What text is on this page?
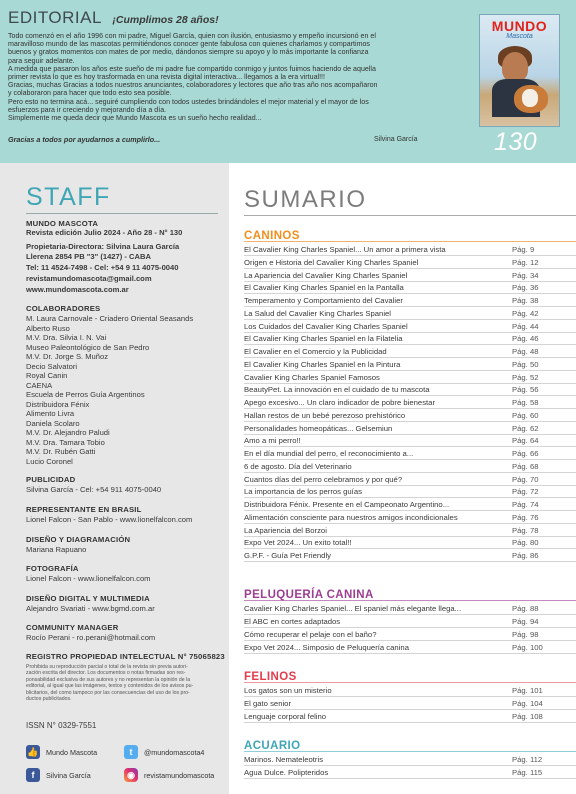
EDITORIAL ¡Cumplimos 28 años!

Todo comenzó en el año 1996 con mi padre, Miguel García, quien con ilusión, entusiasmo y empeño incursionó en el

maravilloso mundo de las mascotas permitiéndonos conocer gente fabulosa con quienes charlamos y compartimos

buenos y gratos momentos con mates de por medio, dándonos siempre su apoyo y lo más importante la confianza

para seguir adelante.

A medida que pasaron los años este sueño de mi padre fue compartido conmigo y juntos fuimos haciendo de aquella

primer revista lo que es hoy trasformada en una revista digital interactiva... llegamos a la era virtual!!!

Gracias, muchas Gracias a todos nuestros anunciantes, colaboradores y lectores que año tras año nos acompañaron

y colaboraron para hacer que todo esto sea posible.

Pero esto no termina acá... seguiré cumpliendo con todos ustedes brindándoles el mejor material y el mayor de los

esfuerzos para ir creciendo y mejorando día a día.

Simplemente me queda decir que Mundo Mascota es un sueño hecho realidad...

Gracias a todos por ayudarnos a cumplirlo...	Silvina García
MUNDO
Mascota
130
STAFF
MUNDO MASCOTA
Revista edición Julio 2024 - Año 28 - N° 130
Propietaria-Directora: Silvina Laura García
Llerena 2854 PB "3" (1427) - CABA
Tel: 11 4524-7498 - Cel: +54 9 11 4075-0040
revistamundomascota@gmail.com
www.mundomascota.com.ar
COLABORADORES
M. Laura Carnovale - Criadero Oriental Seasands
Alberto Ruso
M.V. Dra. Silvia I. N. Vai
Museo Paleontológico de San Pedro
M.V. Dr. Jorge S. Muñoz
Decio Salvatori
Royal Canin
CAENA
Escuela de Perros Guía Argentinos
Distribuidora Fénix
Alimento Livra
Daniela Scolaro
M.V. Dr. Alejandro Paludi
M.V. Dra. Tamara Tobio
M.V. Dr. Rubén Gatti
Lucio Coronel
PUBLICIDAD
Silvina García - Cel: +54 911 4075-0040
REPRESENTANTE EN BRASIL
Lionel Falcon - San Pablo - www.lionelfalcon.com
DISEÑO Y DIAGRAMACIÓN
Mariana Rapuano
FOTOGRAFÍA
Lionel Falcon - www.lionelfalcon.com
DISEÑO DIGITAL Y MULTIMEDIA
Alejandro Svariati - www.bgmd.com.ar
COMMUNITY MANAGER
Rocío Perani - ro.perani@hotmail.com
REGISTRO PROPIEDAD INTELECTUAL N° 75065823
Prohibida su reproducción parcial o total de la revista sin previa autori-
zación escrita del director. Los documentos o notas firmadas son res-
ponsabilidad exclusiva de sus autores y no representan la opinión de la
editorial, al igual que las imágenes, textos y contenidos de los avisos pu-
blicitarios, del como tampoco por las consecuencias del uso de los pro-
ductos publicitados.
ISSN N° 0329-7551
👍 Mundo Mascota	t	@mundomascota4
f	Silvina García	◉	revistamundomascota
SUMARIO
CANINOS
El Cavalier King Charles Spaniel... Un amor a primera vista	Pág. 9
Origen e Historia del Cavalier King Charles Spaniel	Pág. 12
La Apariencia del Cavalier King Charles Spaniel	Pág. 34
El Cavalier King Charles Spaniel en la Pantalla	Pág. 36
Temperamento y Comportamiento del Cavalier	Pág. 38
La Salud del Cavalier King Charles Spaniel	Pág. 42
Los Cuidados del Cavalier King Charles Spaniel	Pág. 44
El Cavalier King Charles Spaniel en la Filatelia	Pág. 46
El Cavalier en el Comercio y la Publicidad	Pág. 48
El Cavalier King Charles Spaniel en la Pintura	Pág. 50
Cavalier King Charles Spaniel Famosos	Pág. 52
BeautyPet. La innovación en el cuidado de tu mascota	Pág. 56
Apego excesivo... Un claro indicador de pobre bienestar	Pág. 58
Hallan restos de un bebé perezoso prehistórico	Pág. 60
Personalidades homeopáticas... Gelsemiun	Pág. 62
Amo a mi perro!!	Pág. 64
En el día mundial del perro, el reconocimiento a...	Pág. 66
6 de agosto. Día del Veterinario	Pág. 68
Cuantos días del perro celebramos y por qué?	Pág. 70
La importancia de los perros guías	Pág. 72
Distribuidora Fénix. Presente en el Campeonato Argentino...	Pág. 74
Alimentación consciente para nuestros amigos incondicionales	Pág. 76
La Apariencia del Borzoi	Pág. 78
Expo Vet 2024... Un exito total!!	Pág. 80
G.P.F. - Guía Pet Friendly	Pág. 86
PELUQUERÍA CANINA
Cavalier King Charles Spaniel... El spaniel más elegante llega...	Pág. 88
El ABC en cortes adaptados	Pág. 94
Cómo recuperar el pelaje con el baño?	Pág. 98
Expo Vet 2024... Simposio de Peluquería canina	Pág. 100
FELINOS
Los gatos son un misterio	Pág. 101
El gato senior	Pág. 104
Lenguaje corporal felino	Pág. 108
ACUARIO
Marinos. Nemateleotris	Pág. 112
Agua Dulce. Polipteridos	Pág. 115
